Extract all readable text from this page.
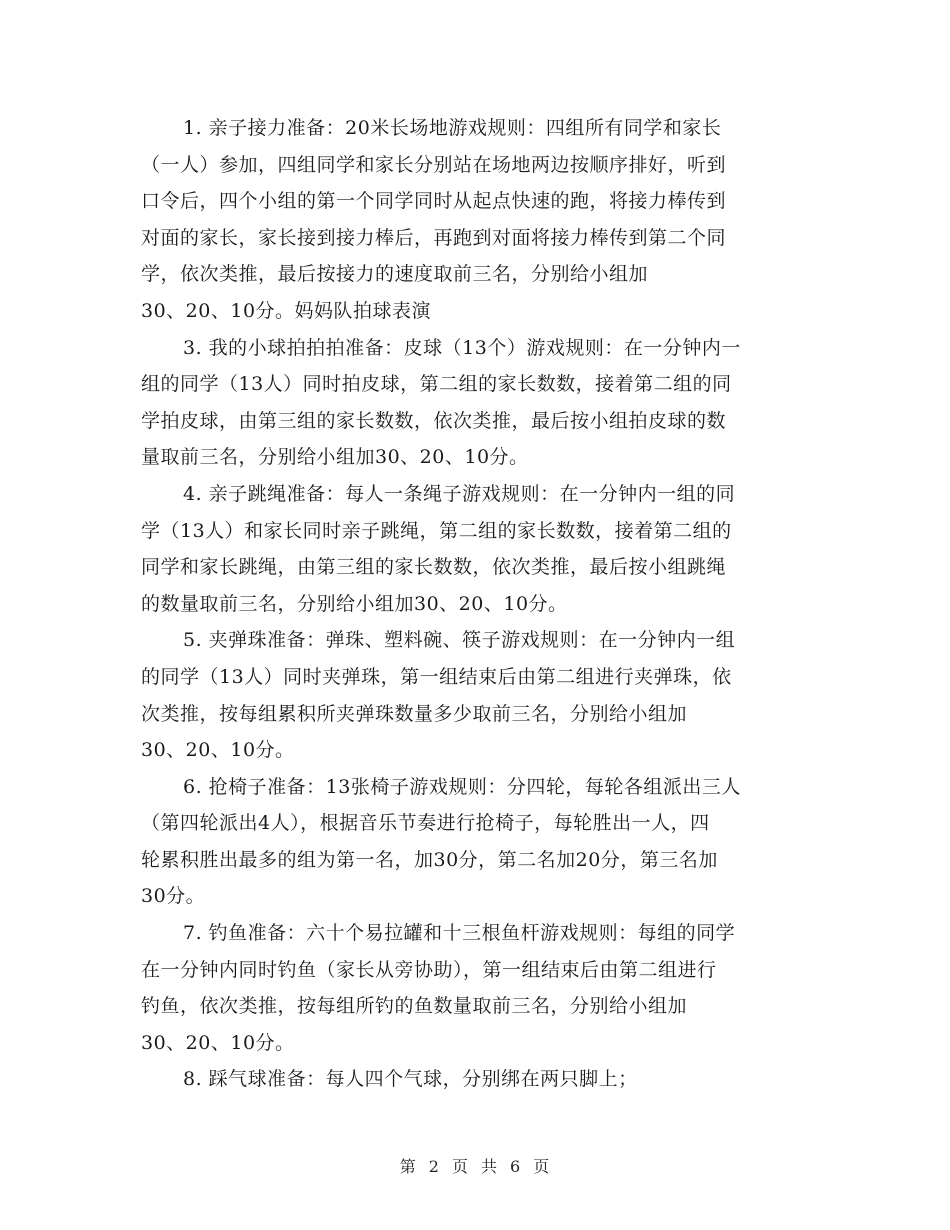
1. 亲子接力准备：20米长场地游戏规则：四组所有同学和家长
（一人）参加，四组同学和家长分别站在场地两边按顺序排好，听到
口令后，四个小组的第一个同学同时从起点快速的跑，将接力棒传到
对面的家长，家长接到接力棒后，再跑到对面将接力棒传到第二个同
学，依次类推，最后按接力的速度取前三名，分别给小组加
30、20、10分。妈妈队拍球表演
3. 我的小球拍拍拍准备：皮球（13个）游戏规则：在一分钟内一
组的同学（13人）同时拍皮球，第二组的家长数数，接着第二组的同
学拍皮球，由第三组的家长数数，依次类推，最后按小组拍皮球的数
量取前三名，分别给小组加30、20、10分。
4. 亲子跳绳准备：每人一条绳子游戏规则：在一分钟内一组的同
学（13人）和家长同时亲子跳绳，第二组的家长数数，接着第二组的
同学和家长跳绳，由第三组的家长数数，依次类推，最后按小组跳绳
的数量取前三名，分别给小组加30、20、10分。
5. 夹弹珠准备：弹珠、塑料碗、筷子游戏规则：在一分钟内一组
的同学（13人）同时夹弹珠，第一组结束后由第二组进行夹弹珠，依
次类推，按每组累积所夹弹珠数量多少取前三名，分别给小组加
30、20、10分。
6. 抢椅子准备：13张椅子游戏规则：分四轮，每轮各组派出三人
（第四轮派出4人），根据音乐节奏进行抢椅子，每轮胜出一人，四
轮累积胜出最多的组为第一名，加30分，第二名加20分，第三名加
30分。
7. 钓鱼准备：六十个易拉罐和十三根鱼杆游戏规则：每组的同学
在一分钟内同时钓鱼（家长从旁协助），第一组结束后由第二组进行
钓鱼，依次类推，按每组所钓的鱼数量取前三名，分别给小组加
30、20、10分。
8. 踩气球准备：每人四个气球，分别绑在两只脚上；
第 2 页 共 6 页
